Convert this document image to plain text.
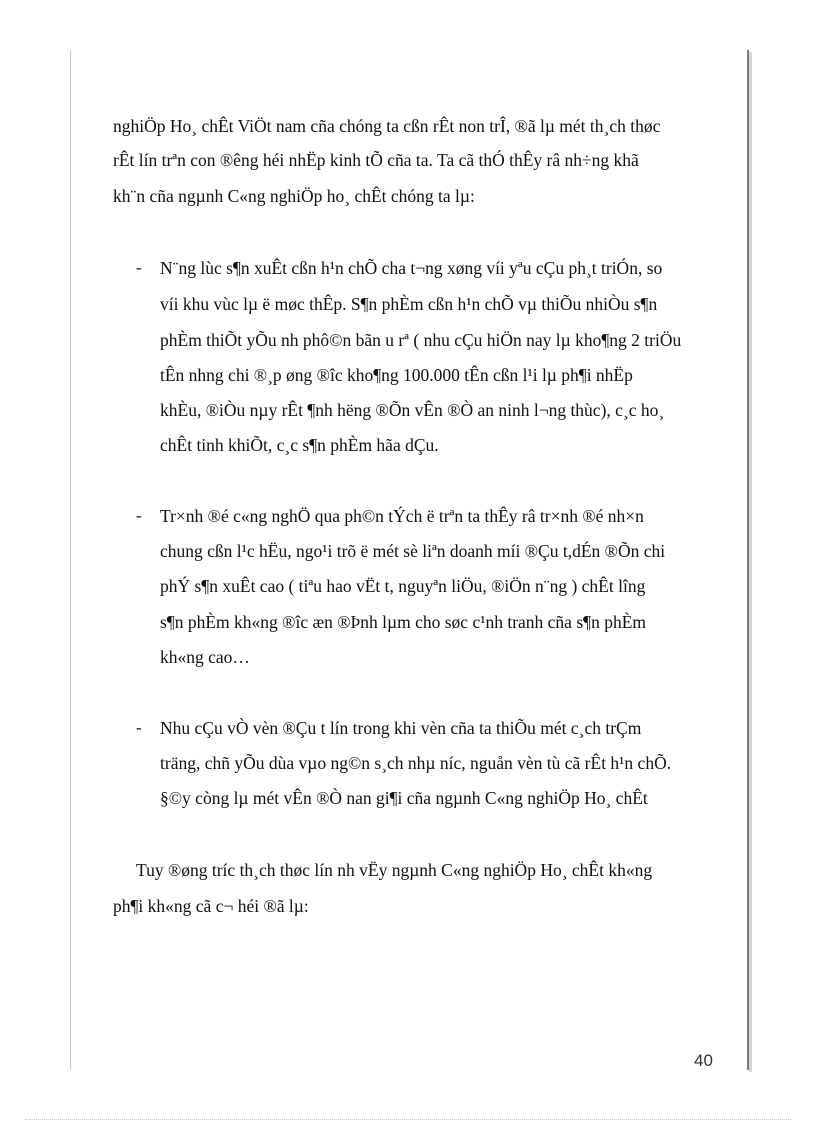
nghiÖp Ho¸ chÊt ViÖt nam cña chóng ta cßn rÊt non trÎ, ®ã lµ mét th¸ch thøc
rÊt lín trªn con ®êng héi nhËp kinh tÕ cña ta. Ta cã thÓ thÊy râ nh÷ng khã
kh¨n cña ngµnh C«ng nghiÖp ho¸ chÊt chóng ta lµ:
- N¨ng lùc s¶n xuÊt cßn h¹n chÕ cha t¬ng xøng víi yªu cÇu ph¸t triÓn, so
víi khu vùc lµ ë møc thÊp. S¶n phÈm cßn h¹n chÕ vµ thiÕu nhiÒu s¶n
phÈm thiÕt yÕu nh phô©n bãn u rª ( nhu cÇu hiÖn nay lµ kho¶ng 2 triÖu
tÊn nhng chi ®¸p øng ®îc kho¶ng 100.000 tÊn cßn l¹i lµ ph¶i nhËp
khÈu, ®iÒu nµy rÊt ¶nh hëng ®Õn vÊn ®Ò an ninh l¬ng thùc), c¸c ho¸
chÊt tinh khiÕt, c¸c s¶n phÈm hãa dÇu.
- Tr×nh ®é c«ng nghÖ qua ph©n tÝch ë trªn ta thÊy râ tr×nh ®é nh×n
chung cßn l¹c hËu, ngo¹i trõ ë mét sè liªn doanh míi ®Çu t,dÉn ®Õn chi
phÝ s¶n xuÊt cao ( tiªu hao vËt t, nguyªn liÖu, ®iÖn n¨ng ) chÊt lîng
s¶n phÈm kh«ng ®îc æn ®Þnh lµm cho søc c¹nh tranh cña s¶n phÈm
kh«ng cao…
- Nhu cÇu vÒ vèn ®Çu t lín trong khi vèn cña ta thiÕu mét c¸ch trÇm
träng, chñ yÕu dùa vµo ng©n s¸ch nhµ níc, nguån vèn tù cã rÊt h¹n chÕ.
§©y còng lµ mét vÊn ®Ò nan gi¶i cña ngµnh C«ng nghiÖp Ho¸ chÊt
Tuy ®øng tríc th¸ch thøc lín nh vËy ngµnh C«ng nghiÖp Ho¸ chÊt kh«ng
ph¶i kh«ng cã c¬ héi ®ã lµ:
40
